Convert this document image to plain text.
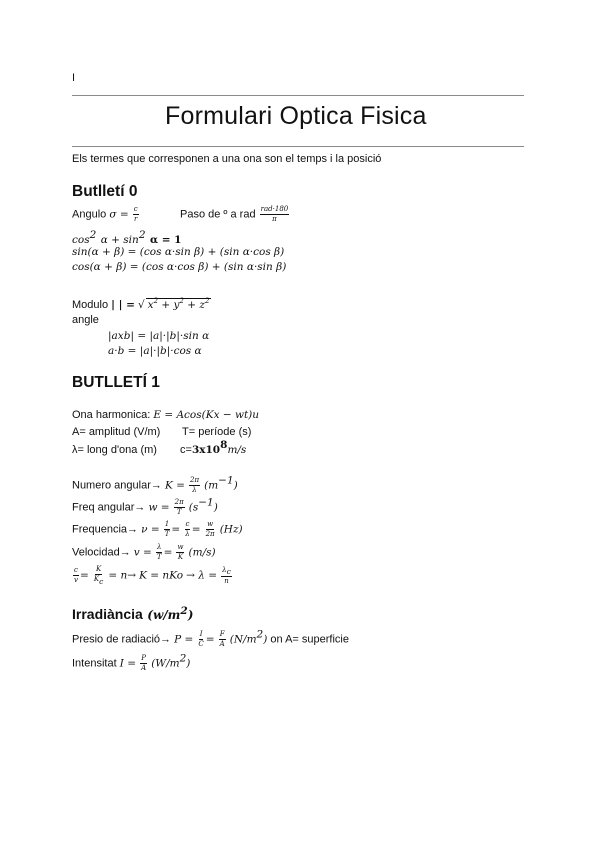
I
Formulari Optica Fisica
Els termes que corresponen a una ona son el temps i la posició
Butlletí 0
Angulo $\sigma = \frac{c}{r}$	Paso de º a rad $\frac{\text{rad·180}}{\pi}$
$\cos^2 \alpha + \sin^2 \alpha = 1$
sin(α + β) = (cos α·sin β) + (sin α·cos β)
cos(α + β) = (cos α·cos β) + (sin α·sin β)
Modulo | | = √ $x^2 + y^2 + z^2$
angle
|axb| = |a|·|b|·sin α
a·b = |a|·|b|·cos α
BUTLLETÍ 1
Ona harmonica: E = Acos(Kx − wt)u
A= amplitud (V/m) T= període (s)
λ= long d'ona (m) $c=3x10^8m/s$
Numero angular→ $K = \frac{2\pi}{\lambda} (m^{-1})$
Freq angular→ $w = \frac{2\pi}{T} (s^{-1})$
Frequencia→ $\nu = \frac{1}{T} = \frac{c}{\lambda} = \frac{w}{2\pi} (Hz)$
Velocidad→ $v = \frac{\lambda}{T} = \frac{w}{K} (m/s)$
$\frac{c}{v} = \frac{K}{Kc} = n\to K$ = nKo → $\lambda = \frac{\lambda c}{n}$
Irradiància $(w/m^2)$
Presio de radiació→ $P = \frac{I}{C} = \frac{F}{A} (N/m^2)$ on A= superficie
Intensitat $I = \frac{P}{A} (W/m^2)$
